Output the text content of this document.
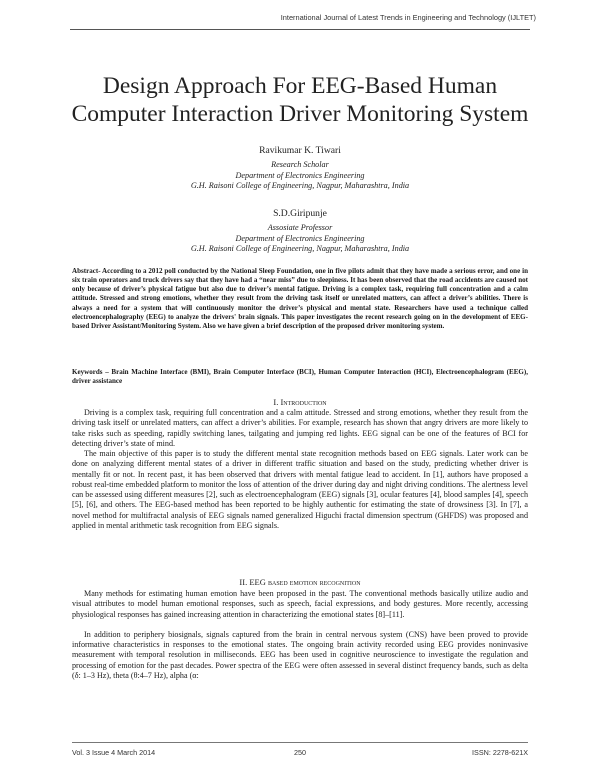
International Journal of Latest Trends in Engineering and Technology (IJLTET)
Design Approach For EEG-Based Human
Computer Interaction Driver Monitoring System
Ravikumar K. Tiwari
Research Scholar
Department of Electronics Engineering
G.H. Raisoni College of Engineering, Nagpur, Maharashtra, India
S.D.Giripunje
Assosiate Professor
Department of Electronics Engineering
G.H. Raisoni College of Engineering, Nagpur, Maharashtra, India
Abstract- According to a 2012 poll conducted by the National Sleep Foundation, one in five pilots admit that they have made a serious error, and one in six train operators and truck drivers say that they have had a “near miss” due to sleepiness. It has been observed that the road accidents are caused not only because of driver’s physical fatigue but also due to driver’s mental fatigue. Driving is a complex task, requiring full concentration and a calm attitude. Stressed and strong emotions, whether they result from the driving task itself or unrelated matters, can affect a driver’s abilities. There is always a need for a system that will continuously monitor the driver’s physical and mental state. Researchers have used a technique called electroencephalography (EEG) to analyze the drivers' brain signals. This paper investigates the recent research going on in the development of EEG-based Driver Assistant/Monitoring System. Also we have given a brief description of the proposed driver monitoring system.
Keywords – Brain Machine Interface (BMI), Brain Computer Interface (BCI), Human Computer Interaction (HCI), Electroencephalogram (EEG), driver assistance
I. Introduction

Driving is a complex task, requiring full concentration and a calm attitude. Stressed and strong emotions, whether they result from the driving task itself or unrelated matters, can affect a driver’s abilities. For example, research has shown that angry drivers are more likely to take risks such as speeding, rapidly switching lanes, tailgating and jumping red lights. EEG signal can be one of the features of BCI for detecting driver’s state of mind.

The main objective of this paper is to study the different mental state recognition methods based on EEG signals. Later work can be done on analyzing different mental states of a driver in different traffic situation and based on the study, predicting whether driver is mentally fit or not. In recent past, it has been observed that drivers with mental fatigue lead to accident. In [1], authors have proposed a robust real-time embedded platform to monitor the loss of attention of the driver during day and night driving conditions. The alertness level can be assessed using different measures [2], such as electroencephalogram (EEG) signals [3], ocular features [4], blood samples [4], speech [5], [6], and others. The EEG-based method has been reported to be highly authentic for estimating the state of drowsiness [3]. In [7], a novel method for multifractal analysis of EEG signals named generalized Higuchi fractal dimension spectrum (GHFDS) was proposed and applied in mental arithmetic task recognition from EEG signals.

II. EEG based emotion recognition

Many methods for estimating human emotion have been proposed in the past. The conventional methods basically utilize audio and visual attributes to model human emotional responses, such as speech, facial expressions, and body gestures. More recently, accessing physiological responses has gained increasing attention in characterizing the emotional states [8]–[11].

In addition to periphery biosignals, signals captured from the brain in central nervous system (CNS) have been proved to provide informative characteristics in responses to the emotional states. The ongoing brain activity recorded using EEG provides noninvasive measurement with temporal resolution in milliseconds. EEG has been used in cognitive neuroscience to investigate the regulation and processing of emotion for the past decades. Power spectra of the EEG were often assessed in several distinct frequency bands, such as delta (δ: 1–3 Hz), theta (θ:4–7 Hz), alpha (α:

Vol. 3 Issue 4 March 2014	250	ISSN: 2278-621X
